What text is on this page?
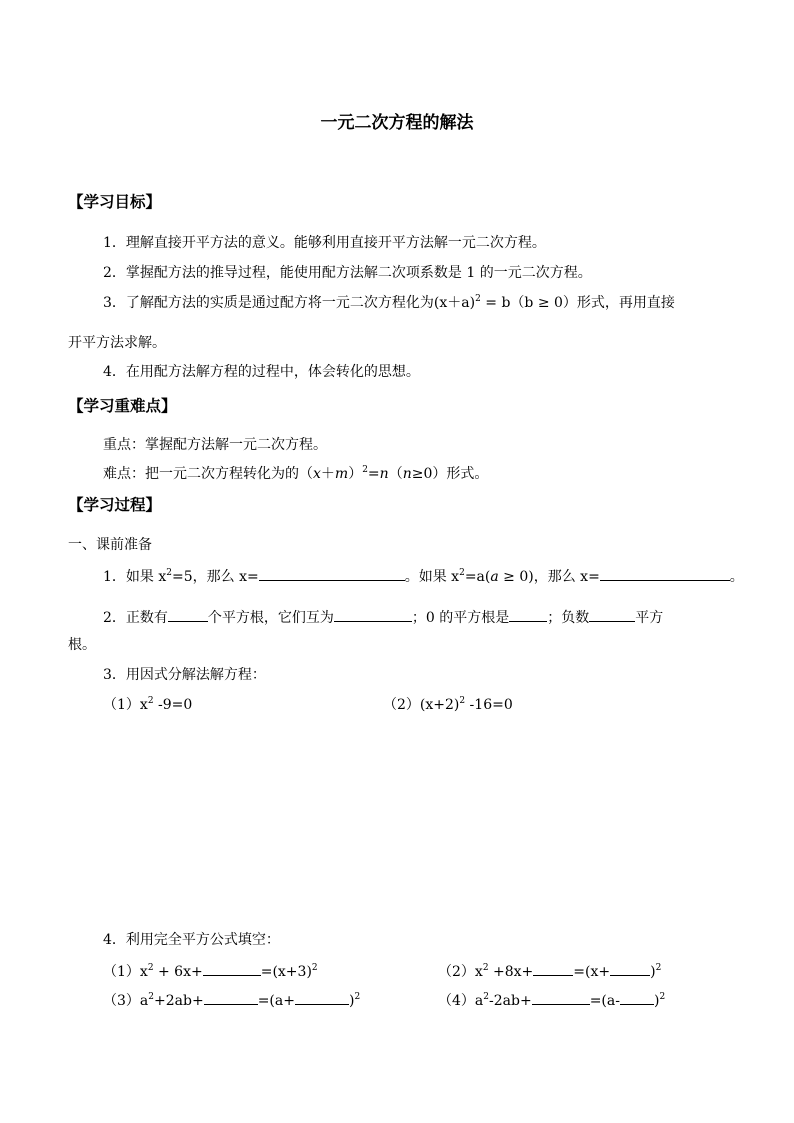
一元二次方程的解法
【学习目标】
1．理解直接开平方法的意义。能够利用直接开平方法解一元二次方程。
2．掌握配方法的推导过程，能使用配方法解二次项系数是 1 的一元二次方程。
3．了解配方法的实质是通过配方将一元二次方程化为$(x+a)^2 = b(b \ge 0)$形式，再用直接
开平方法求解。
4．在用配方法解方程的过程中，体会转化的思想。
【学习重难点】
重点：掌握配方法解一元二次方程。
难点：把一元二次方程转化为的$(x+m)^2=n(n\ge 0)$形式。
【学习过程】
一、课前准备
1．如果 $x^2=5$，那么 x=	。如果 $x^2=a(a \ge 0)$，那么 x=	。
2．正数有	个平方根，它们互为	；0 的平方根是	；负数	平方
根。
3．用因式分解法解方程：
$(1)x^2$ -9=0	$(2)(x+2)^2$ -16=0
4．利用完全平方公式填空：
$(1)x^2 + 6x+$	$=(x+3)^2$	$(2)x^2 +8x+$	=(x+	)$^2$
$(3)a^2+2ab+$	=(a+	)$^2$	$(4)a^2-2ab+$	=(a- )$^2$
